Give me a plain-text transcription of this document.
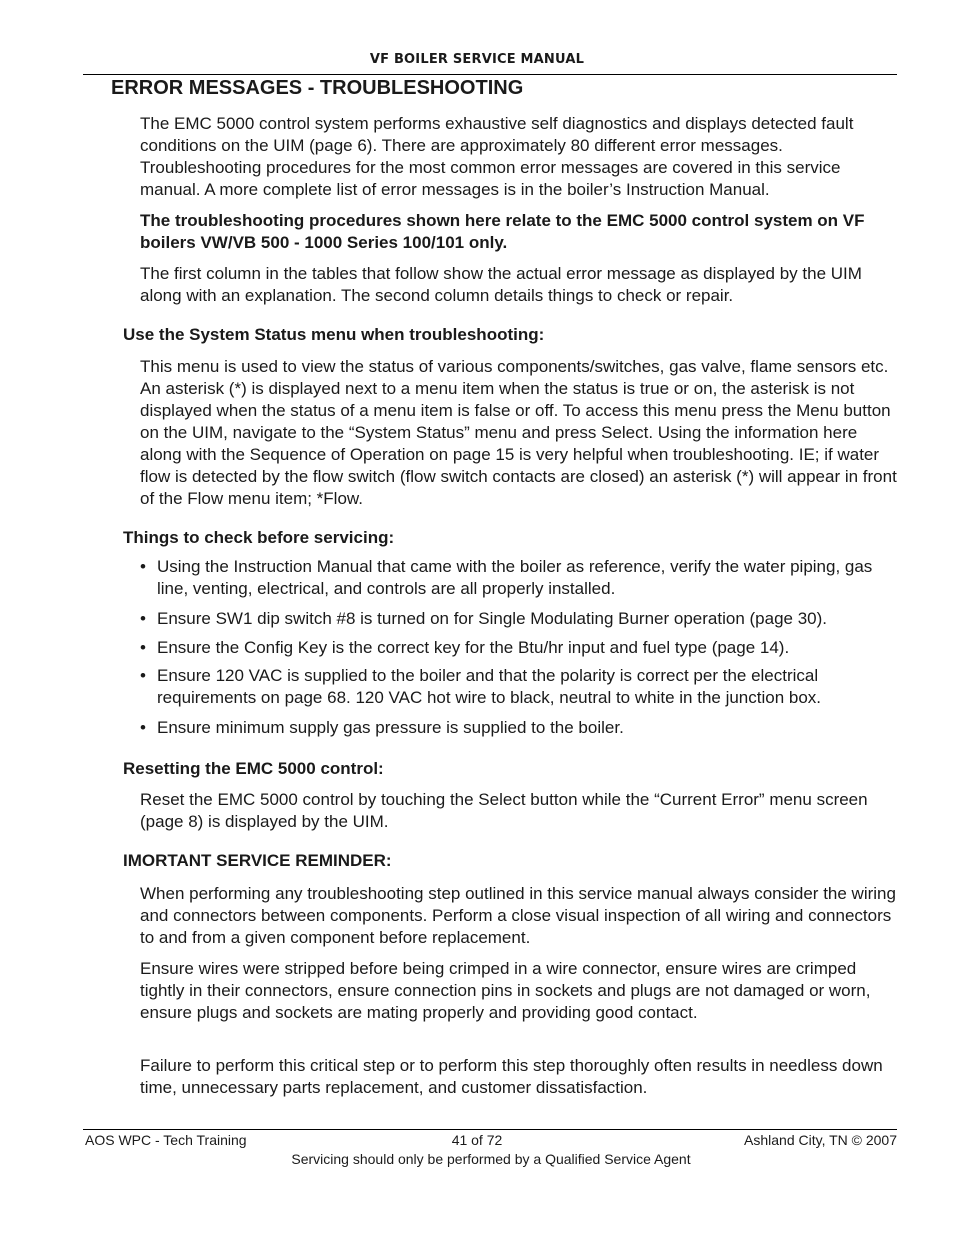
VF BOILER SERVICE MANUAL
ERROR MESSAGES - TROUBLESHOOTING

The EMC 5000 control system performs exhaustive self diagnostics and displays detected fault conditions on the UIM (page 6). There are approximately 80 different error messages. Troubleshooting procedures for the most common error messages are covered in this service manual. A more complete list of error messages is in the boiler’s Instruction Manual.

The troubleshooting procedures shown here relate to the EMC 5000 control system on VF boilers VW/VB 500 - 1000 Series 100/101 only.

The first column in the tables that follow show the actual error message as displayed by the UIM along with an explanation. The second column details things to check or repair.

Use the System Status menu when troubleshooting:

This menu is used to view the status of various components/switches, gas valve, flame sensors etc. An asterisk (*) is displayed next to a menu item when the status is true or on, the asterisk is not displayed when the status of a menu item is false or off. To access this menu press the Menu button on the UIM, navigate to the “System Status” menu and press Select. Using the information here along with the Sequence of Operation on page 15 is very helpful when troubleshooting. IE; if water flow is detected by the flow switch (flow switch contacts are closed) an asterisk (*) will appear in front of the Flow menu item; *Flow.

Things to check before servicing:

• Using the Instruction Manual that came with the boiler as reference, verify the water piping, gas line, venting, electrical, and controls are all properly installed.
• Ensure SW1 dip switch #8 is turned on for Single Modulating Burner operation (page 30).
• Ensure the Config Key is the correct key for the Btu/hr input and fuel type (page 14).
• Ensure 120 VAC is supplied to the boiler and that the polarity is correct per the electrical requirements on page 68. 120 VAC hot wire to black, neutral to white in the junction box.
• Ensure minimum supply gas pressure is supplied to the boiler.

Resetting the EMC 5000 control:

Reset the EMC 5000 control by touching the Select button while the “Current Error” menu screen (page 8) is displayed by the UIM.

IMORTANT SERVICE REMINDER:

When performing any troubleshooting step outlined in this service manual always consider the wiring and connectors between components. Perform a close visual inspection of all wiring and connectors to and from a given component before replacement.

Ensure wires were stripped before being crimped in a wire connector, ensure wires are crimped tightly in their connectors, ensure connection pins in sockets and plugs are not damaged or worn, ensure plugs and sockets are mating properly and providing good contact.

Failure to perform this critical step or to perform this step thoroughly often results in needless down time, unnecessary parts replacement, and customer dissatisfaction.

AOS WPC - Tech Training	41 of 72	Ashland City, TN © 2007
Servicing should only be performed by a Qualified Service Agent
